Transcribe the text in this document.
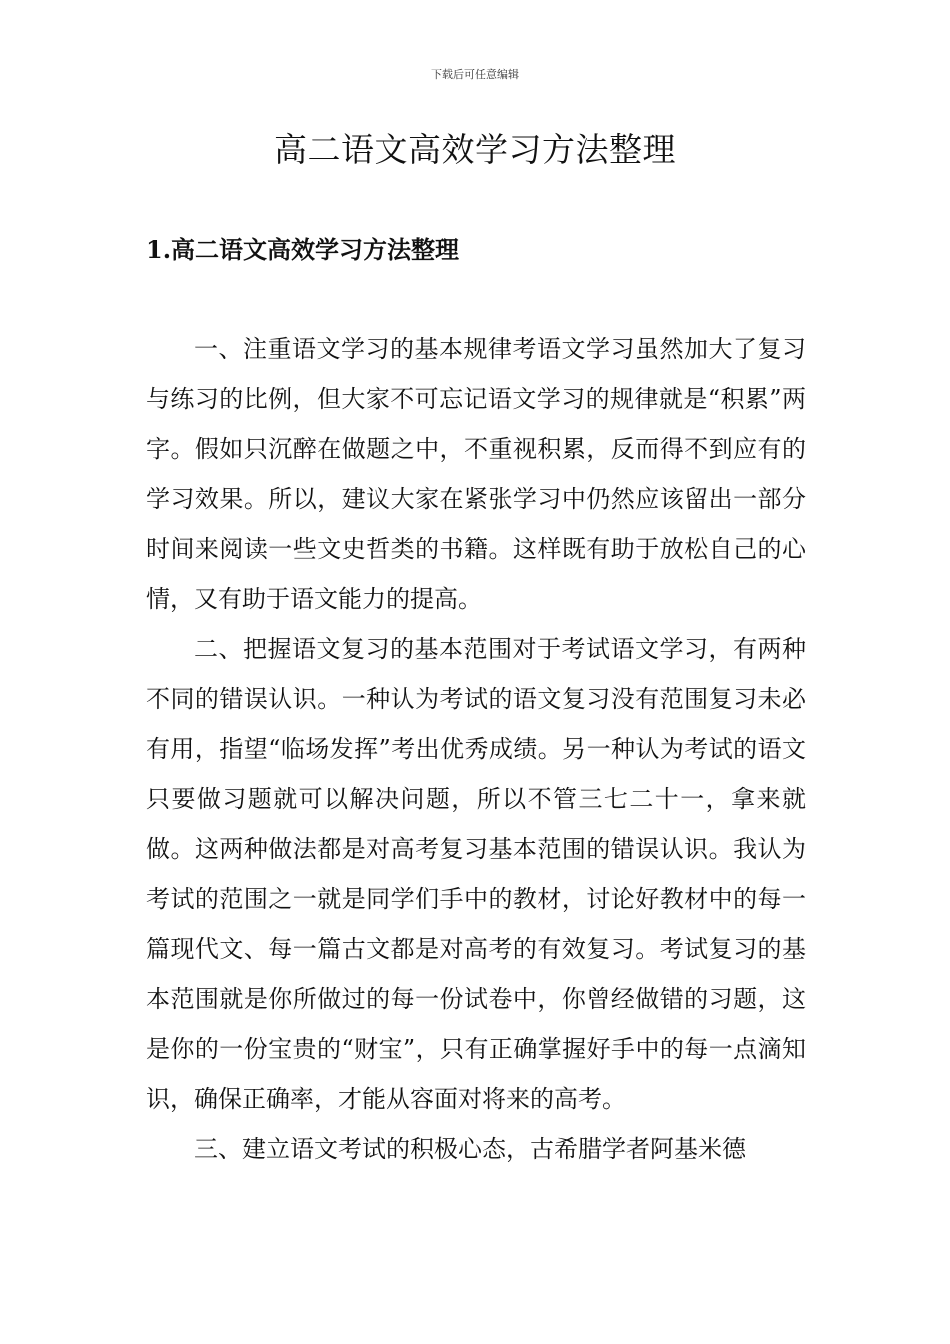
下载后可任意编辑
高二语文高效学习方法整理
1.高二语文高效学习方法整理

一、注重语文学习的基本规律考语文学习虽然加大了复习与练习的比例，但大家不可忘记语文学习的规律就是“积累”两字。假如只沉醉在做题之中，不重视积累，反而得不到应有的学习效果。所以，建议大家在紧张学习中仍然应该留出一部分时间来阅读一些文史哲类的书籍。这样既有助于放松自己的心情，又有助于语文能力的提高。

二、把握语文复习的基本范围对于考试语文学习，有两种不同的错误认识。一种认为考试的语文复习没有范围复习未必有用，指望“临场发挥”考出优秀成绩。另一种认为考试的语文只要做习题就可以解决问题，所以不管三七二十一，拿来就做。这两种做法都是对高考复习基本范围的错误认识。我认为考试的范围之一就是同学们手中的教材，讨论好教材中的每一篇现代文、每一篇古文都是对高考的有效复习。考试复习的基本范围就是你所做过的每一份试卷中，你曾经做错的习题，这是你的一份宝贵的“财宝”，只有正确掌握好手中的每一点滴知识，确保正确率，才能从容面对将来的高考。

三、建立语文考试的积极心态，古希腊学者阿基米德
